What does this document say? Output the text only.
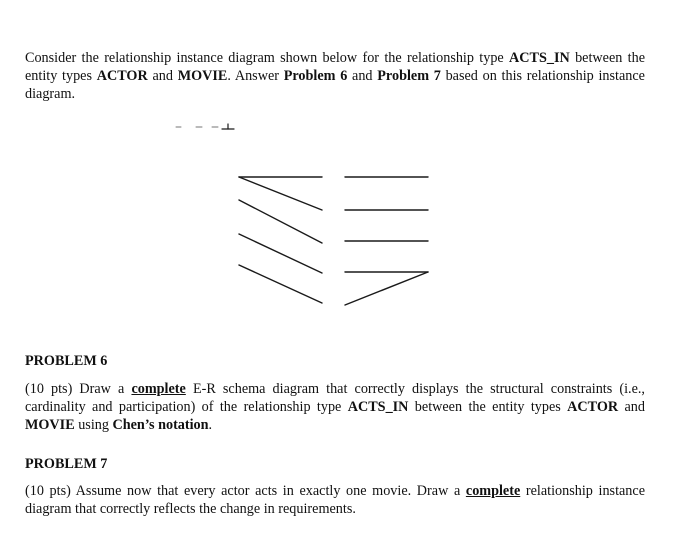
Consider the relationship instance diagram shown below for the relationship type ACTS_IN between the entity types ACTOR and MOVIE. Answer Problem 6 and Problem 7 based on this relationship instance diagram.

PROBLEM 6

(10 pts) Draw a complete E-R schema diagram that correctly displays the structural constraints (i.e., cardinality and participation) of the relationship type ACTS_IN between the entity types ACTOR and MOVIE using Chen’s notation.

PROBLEM 7

(10 pts) Assume now that every actor acts in exactly one movie. Draw a complete relationship instance diagram that correctly reflects the change in requirements.
